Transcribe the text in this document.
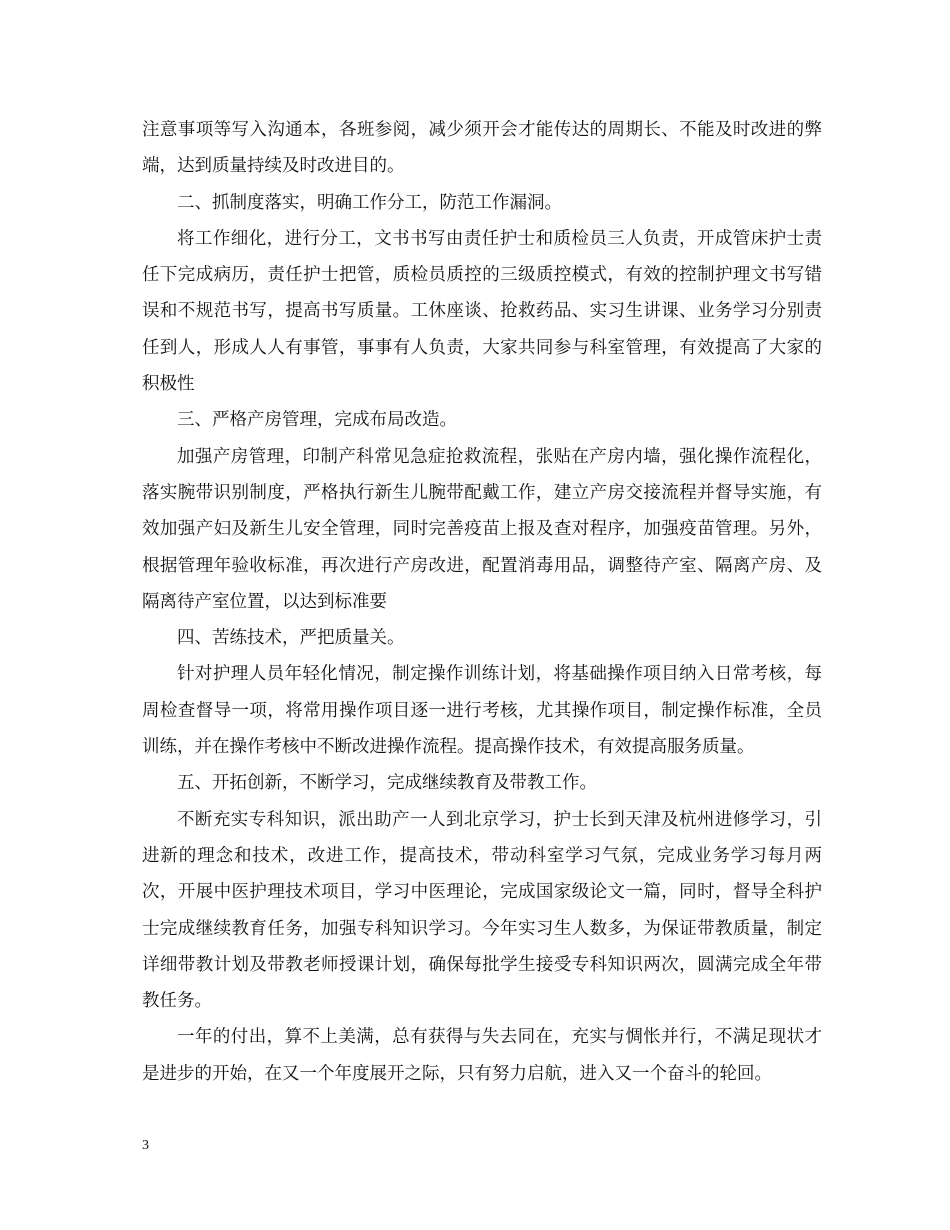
注意事项等写入沟通本，各班参阅，减少须开会才能传达的周期长、不能及时改进的弊端，达到质量持续及时改进目的。

二、抓制度落实，明确工作分工，防范工作漏洞。

将工作细化，进行分工，文书书写由责任护士和质检员三人负责，开成管床护士责任下完成病历，责任护士把管，质检员质控的三级质控模式，有效的控制护理文书写错误和不规范书写，提高书写质量。工休座谈、抢救药品、实习生讲课、业务学习分别责任到人，形成人人有事管，事事有人负责，大家共同参与科室管理，有效提高了大家的积极性

三、严格产房管理，完成布局改造。

加强产房管理，印制产科常见急症抢救流程，张贴在产房内墙，强化操作流程化，落实腕带识别制度，严格执行新生儿腕带配戴工作，建立产房交接流程并督导实施，有效加强产妇及新生儿安全管理，同时完善疫苗上报及查对程序，加强疫苗管理。另外，根据管理年验收标准，再次进行产房改进，配置消毒用品，调整待产室、隔离产房、及隔离待产室位置，以达到标准要

四、苦练技术，严把质量关。

针对护理人员年轻化情况，制定操作训练计划，将基础操作项目纳入日常考核，每周检查督导一项，将常用操作项目逐一进行考核，尤其操作项目，制定操作标准，全员训练，并在操作考核中不断改进操作流程。提高操作技术，有效提高服务质量。

五、开拓创新，不断学习，完成继续教育及带教工作。

不断充实专科知识，派出助产一人到北京学习，护士长到天津及杭州进修学习，引进新的理念和技术，改进工作，提高技术，带动科室学习气氛，完成业务学习每月两次，开展中医护理技术项目，学习中医理论，完成国家级论文一篇，同时，督导全科护士完成继续教育任务，加强专科知识学习。今年实习生人数多，为保证带教质量，制定详细带教计划及带教老师授课计划，确保每批学生接受专科知识两次，圆满完成全年带教任务。

一年的付出，算不上美满，总有获得与失去同在，充实与惆怅并行，不满足现状才是进步的开始，在又一个年度展开之际，只有努力启航，进入又一个奋斗的轮回。

3
